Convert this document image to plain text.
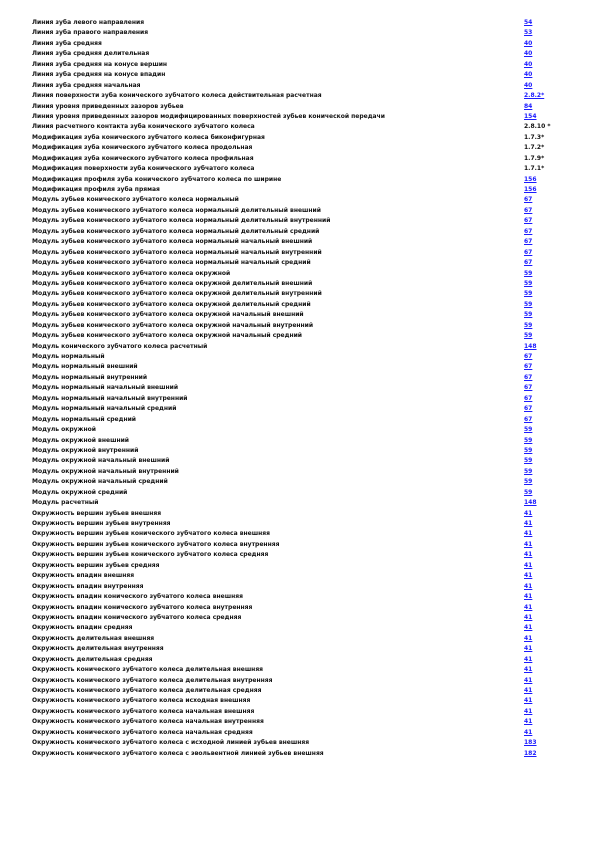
Линия зуба левого направления	54
Линия зуба правого направления	53
Линия зуба средняя	40
Линия зуба средняя делительная	40
Линия зуба средняя на конусе вершин	40
Линия зуба средняя на конусе впадин	40
Линия зуба средняя начальная	40
Линия поверхности зуба конического зубчатого колеса действительная расчетная	2.8.2*
Линия уровня приведенных зазоров зубьев	84
Линия уровня приведенных зазоров модифицированных поверхностей зубьев конической передачи	154
Линия расчетного контакта зуба конического зубчатого колеса	2.8.10 *
Модификация зуба конического зубчатого колеса биконфигурная	1.7.3*
Модификация зуба конического зубчатого колеса продольная	1.7.2*
Модификация зуба конического зубчатого колеса профильная	1.7.9*
Модификация поверхности зуба конического зубчатого колеса	1.7.1*
Модификация профиля зуба конического зубчатого колеса по ширине	156
Модификация профиля зуба прямая	156
Модуль зубьев конического зубчатого колеса нормальный	67
Модуль зубьев конического зубчатого колеса нормальный делительный внешний	67
Модуль зубьев конического зубчатого колеса нормальный делительный внутренний	67
Модуль зубьев конического зубчатого колеса нормальный делительный средний	67
Модуль зубьев конического зубчатого колеса нормальный начальный внешний	67
Модуль зубьев конического зубчатого колеса нормальный начальный внутренний	67
Модуль зубьев конического зубчатого колеса нормальный начальный средний	67
Модуль зубьев конического зубчатого колеса окружной	59
Модуль зубьев конического зубчатого колеса окружной делительный внешний	59
Модуль зубьев конического зубчатого колеса окружной делительный внутренний	59
Модуль зубьев конического зубчатого колеса окружной делительный средний	59
Модуль зубьев конического зубчатого колеса окружной начальный внешний	59
Модуль зубьев конического зубчатого колеса окружной начальный внутренний	59
Модуль зубьев конического зубчатого колеса окружной начальный средний	59
Модуль конического зубчатого колеса расчетный	148
Модуль нормальный	67
Модуль нормальный внешний	67
Модуль нормальный внутренний	67
Модуль нормальный начальный внешний	67
Модуль нормальный начальный внутренний	67
Модуль нормальный начальный средний	67
Модуль нормальный средний	67
Модуль окружной	59
Модуль окружной внешний	59
Модуль окружной внутренний	59
Модуль окружной начальный внешний	59
Модуль окружной начальный внутренний	59
Модуль окружной начальный средний	59
Модуль окружной средний	59
Модуль расчетный	148
Окружность вершин зубьев внешняя	41
Окружность вершин зубьев внутренняя	41
Окружность вершин зубьев конического зубчатого колеса внешняя	41
Окружность вершин зубьев конического зубчатого колеса внутренняя	41
Окружность вершин зубьев конического зубчатого колеса средняя	41
Окружность вершин зубьев средняя	41
Окружность впадин внешняя	41
Окружность впадин внутренняя	41
Окружность впадин конического зубчатого колеса внешняя	41
Окружность впадин конического зубчатого колеса внутренняя	41
Окружность впадин конического зубчатого колеса средняя	41
Окружность впадин средняя	41
Окружность делительная внешняя	41
Окружность делительная внутренняя	41
Окружность делительная средняя	41
Окружность конического зубчатого колеса делительная внешняя	41
Окружность конического зубчатого колеса делительная внутренняя	41
Окружность конического зубчатого колеса делительная средняя	41
Окружность конического зубчатого колеса исходная внешняя	41
Окружность конического зубчатого колеса начальная внешняя	41
Окружность конического зубчатого колеса начальная внутренняя	41
Окружность конического зубчатого колеса начальная средняя	41
Окружность конического зубчатого колеса с исходной линией зубьев внешняя	183
Окружность конического зубчатого колеса с эвольвентной линией зубьев внешняя	182
